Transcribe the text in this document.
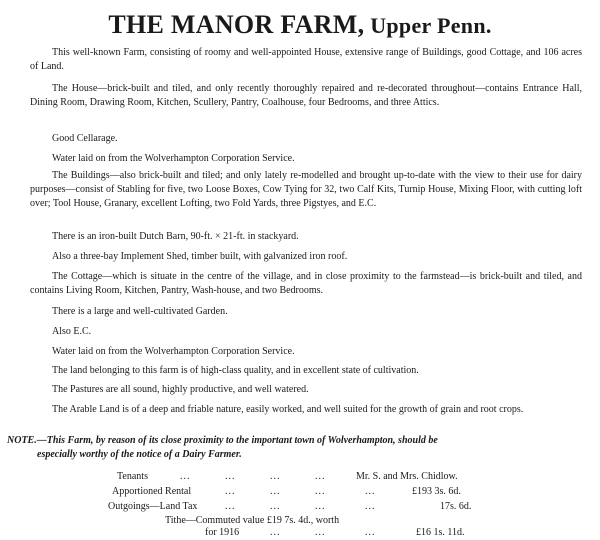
THE MANOR FARM, Upper Penn.

This well-known Farm, consisting of roomy and well-appointed House, extensive range of Buildings, good Cottage, and 106 acres of Land.

The House—brick-built and tiled, and only recently thoroughly repaired and re-decorated throughout—contains Entrance Hall, Dining Room, Drawing Room, Kitchen, Scullery, Pantry, Coalhouse, four Bedrooms, and three Attics.

Good Cellarage.

Water laid on from the Wolverhampton Corporation Service.

The Buildings—also brick-built and tiled; and only lately re-modelled and brought up-to-date with the view to their use for dairy purposes—consist of Stabling for five, two Loose Boxes, Cow Tying for 32, two Calf Kits, Turnip House, Mixing Floor, with cutting loft over; Tool House, Granary, excellent Lofting, two Fold Yards, three Pigstyes, and E.C.

There is an iron-built Dutch Barn, 90-ft. × 21-ft. in stackyard.

Also a three-bay Implement Shed, timber built, with galvanized iron roof.

The Cottage—which is situate in the centre of the village, and in close proximity to the farmstead—is brick-built and tiled, and contains Living Room, Kitchen, Pantry, Wash-house, and two Bedrooms.

There is a large and well-cultivated Garden.

Also E.C.

Water laid on from the Wolverhampton Corporation Service.

The land belonging to this farm is of high-class quality, and in excellent state of cultivation.

The Pastures are all sound, highly productive, and well watered.

The Arable Land is of a deep and friable nature, easily worked, and well suited for the growth of grain and root crops.

NOTE.—This Farm, by reason of its close proximity to the important town of Wolverhampton, should be
especially worthy of the notice of a Dairy Farmer.
Tenants	...	...	...	...	Mr. S. and Mrs. Chidlow.
Apportioned Rental	...	...	...	...	£193 3s. 6d.
Outgoings—Land Tax	...	...	...	...	17s. 6d.
Tithe—Commuted value £19 7s. 4d., worth
for 1916	...	...	...	£16 1s. 11d.
